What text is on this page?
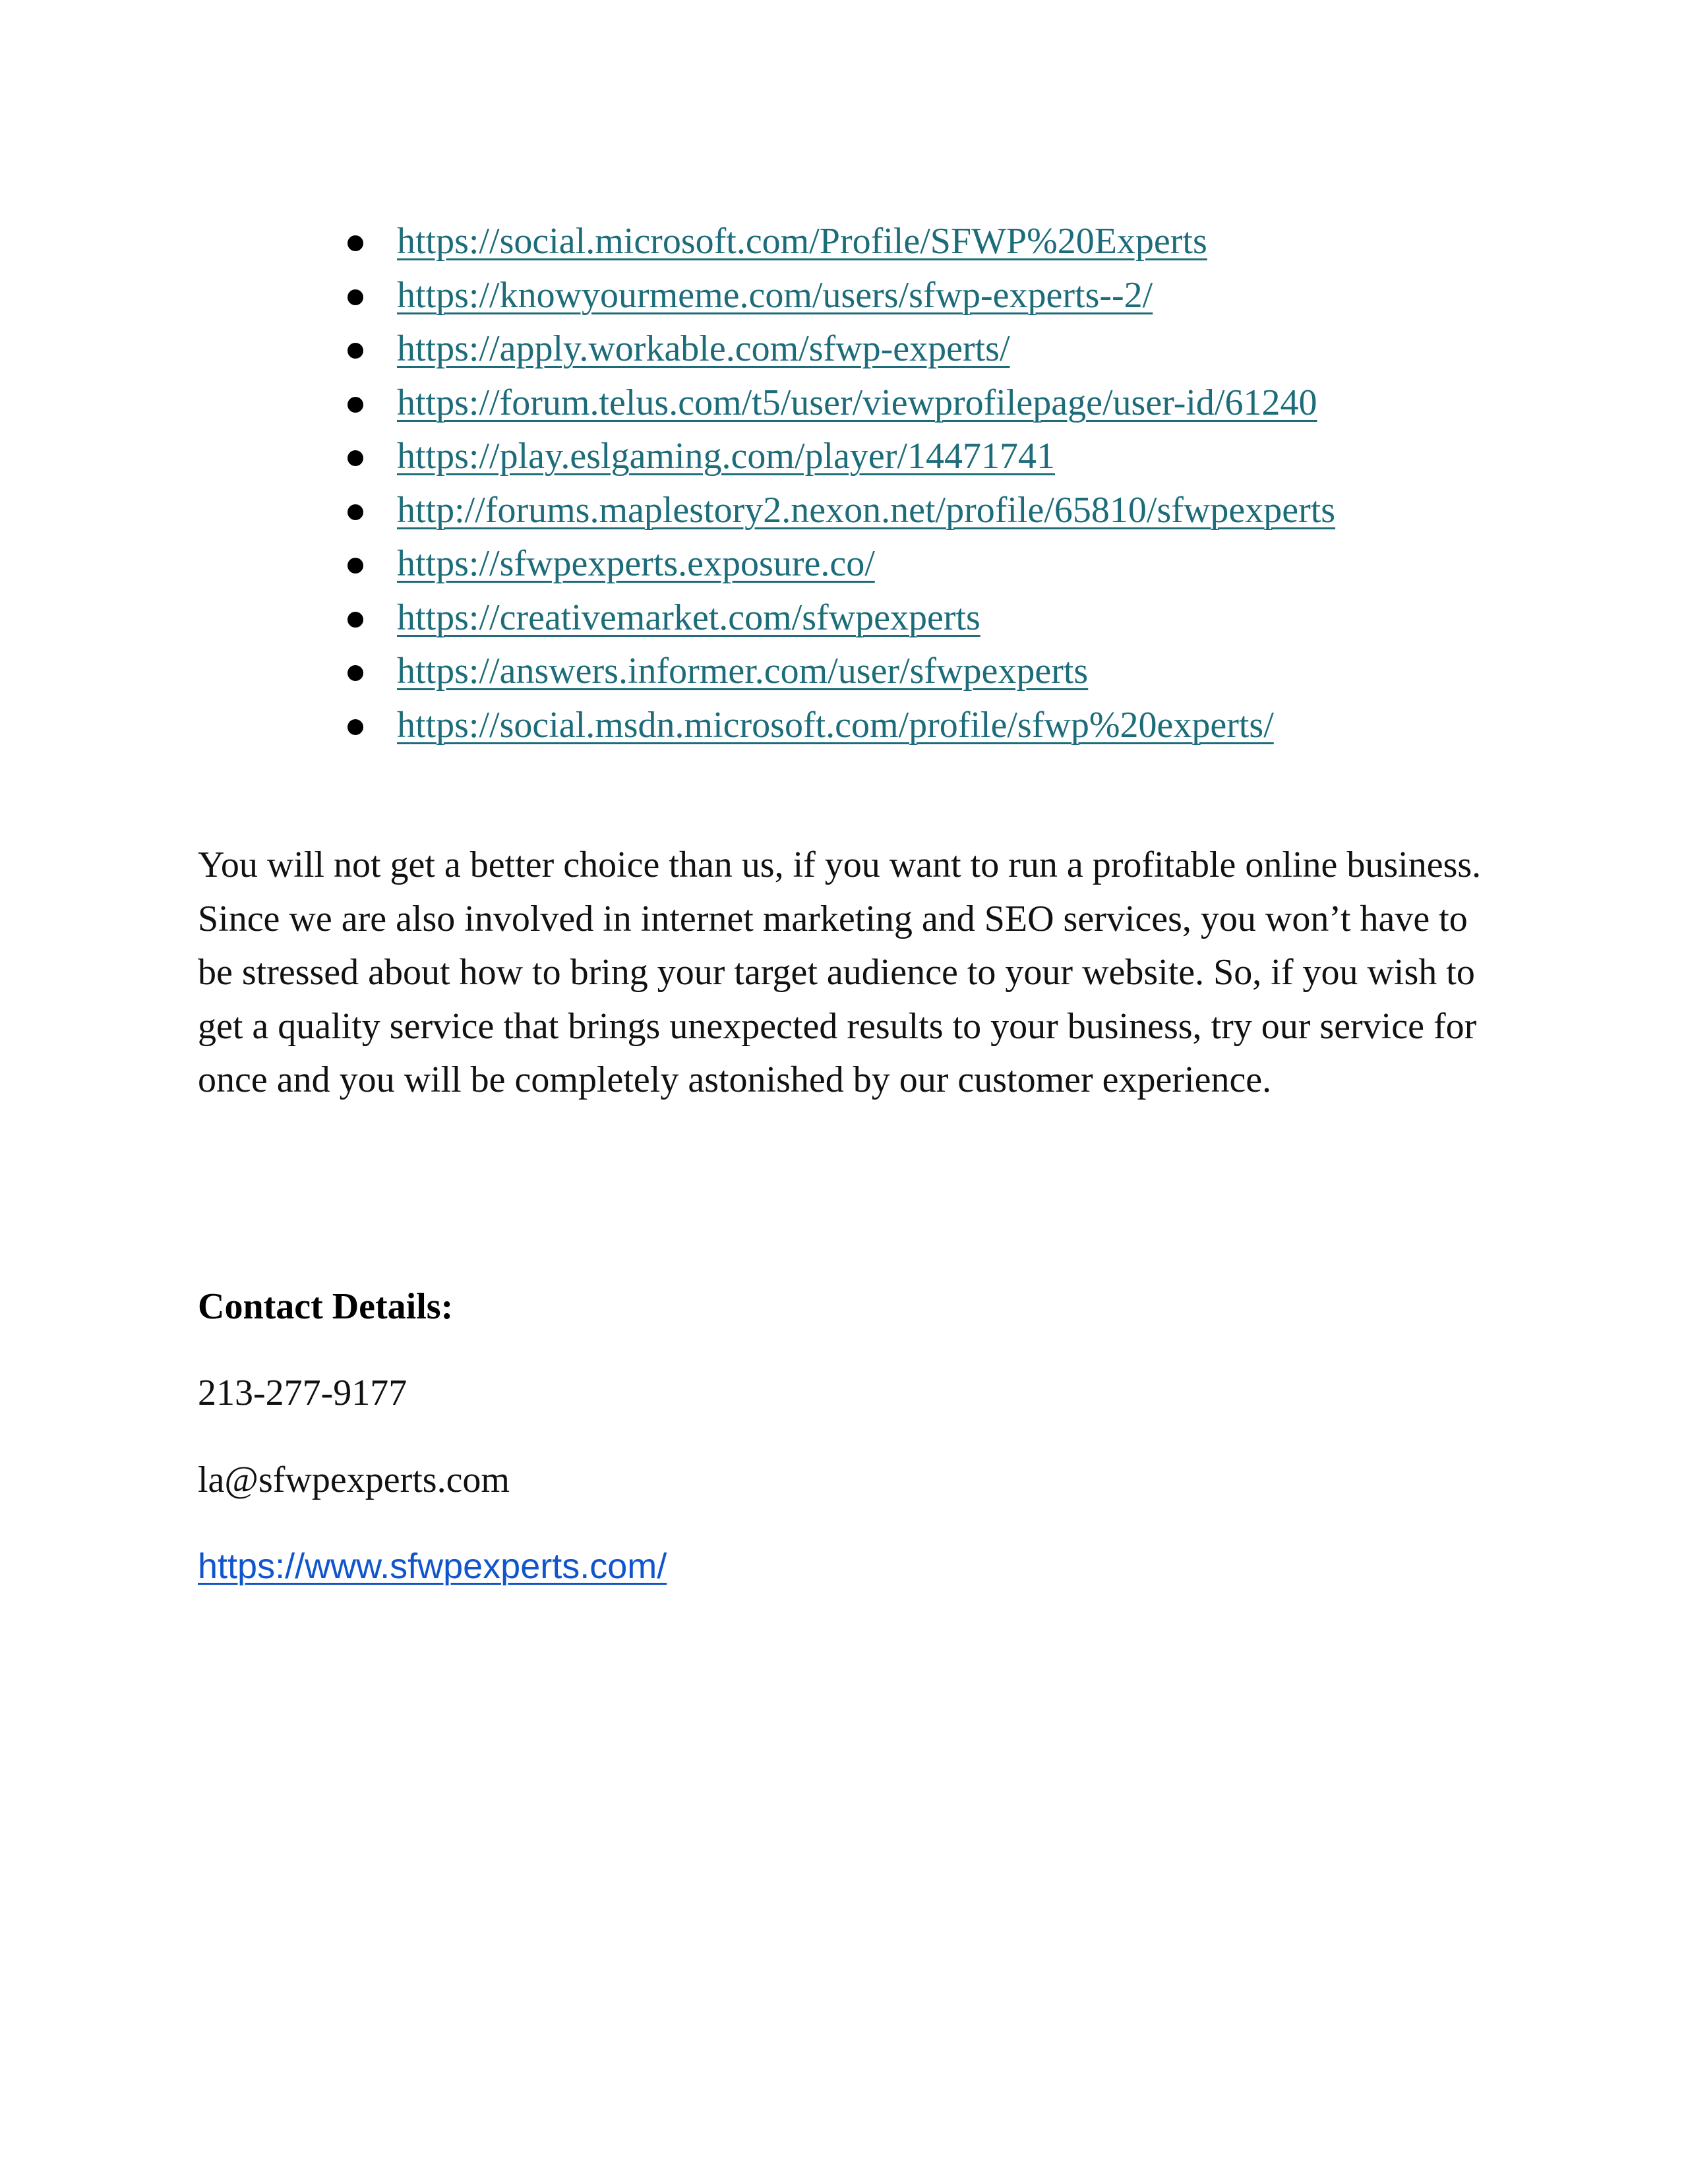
https://social.microsoft.com/Profile/SFWP%20Experts
https://knowyourmeme.com/users/sfwp-experts--2/
https://apply.workable.com/sfwp-experts/
https://forum.telus.com/t5/user/viewprofilepage/user-id/61240
https://play.eslgaming.com/player/14471741
http://forums.maplestory2.nexon.net/profile/65810/sfwpexperts
https://sfwpexperts.exposure.co/
https://creativemarket.com/sfwpexperts
https://answers.informer.com/user/sfwpexperts
https://social.msdn.microsoft.com/profile/sfwp%20experts/

You will not get a better choice than us, if you want to run a profitable online business. Since we are also involved in internet marketing and SEO services, you won’t have to be stressed about how to bring your target audience to your website. So, if you wish to get a quality service that brings unexpected results to your business, try our service for once and you will be completely astonished by our customer experience.

Contact Details:

213-277-9177

la@sfwpexperts.com

https://www.sfwpexperts.com/
